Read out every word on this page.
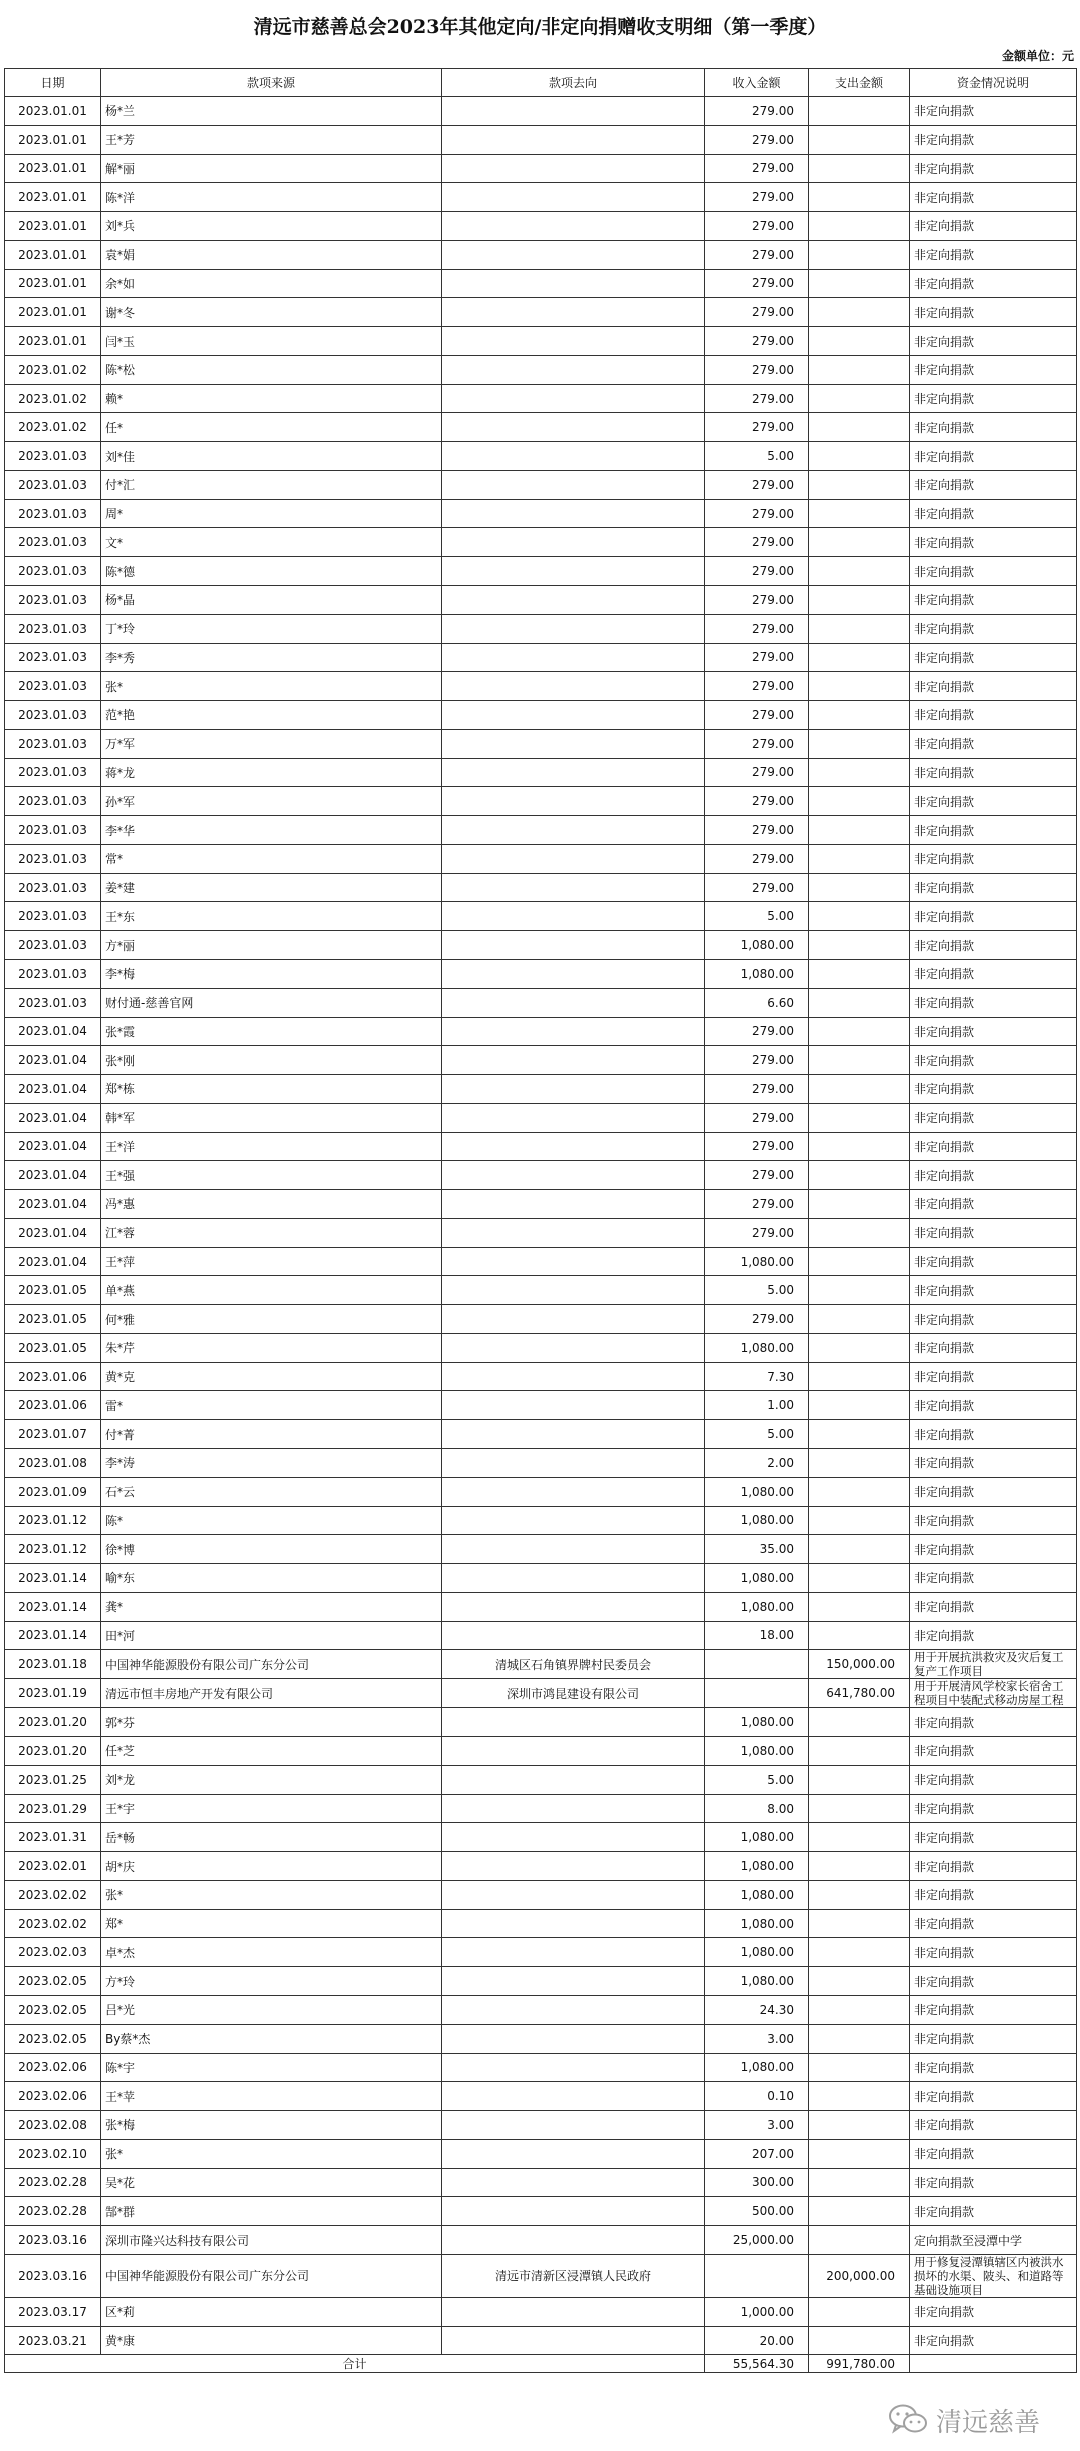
清远市慈善总会2023年其他定向/非定向捐赠收支明细（第一季度）
金额单位：元
日期	款项来源	款项去向	收入金额	支出金额	资金情况说明
2023.01.01	杨*兰		279.00		非定向捐款
2023.01.01	王*芳		279.00		非定向捐款
2023.01.01	解*丽		279.00		非定向捐款
2023.01.01	陈*洋		279.00		非定向捐款
2023.01.01	刘*兵		279.00		非定向捐款
2023.01.01	袁*娟		279.00		非定向捐款
2023.01.01	余*如		279.00		非定向捐款
2023.01.01	谢*冬		279.00		非定向捐款
2023.01.01	闫*玉		279.00		非定向捐款
2023.01.02	陈*松		279.00		非定向捐款
2023.01.02	赖*		279.00		非定向捐款
2023.01.02	任*		279.00		非定向捐款
2023.01.03	刘*佳		5.00		非定向捐款
2023.01.03	付*汇		279.00		非定向捐款
2023.01.03	周*		279.00		非定向捐款
2023.01.03	文*		279.00		非定向捐款
2023.01.03	陈*德		279.00		非定向捐款
2023.01.03	杨*晶		279.00		非定向捐款
2023.01.03	丁*玲		279.00		非定向捐款
2023.01.03	李*秀		279.00		非定向捐款
2023.01.03	张*		279.00		非定向捐款
2023.01.03	范*艳		279.00		非定向捐款
2023.01.03	万*军		279.00		非定向捐款
2023.01.03	蒋*龙		279.00		非定向捐款
2023.01.03	孙*军		279.00		非定向捐款
2023.01.03	李*华		279.00		非定向捐款
2023.01.03	常*		279.00		非定向捐款
2023.01.03	姜*建		279.00		非定向捐款
2023.01.03	王*东		5.00		非定向捐款
2023.01.03	方*丽		1,080.00		非定向捐款
2023.01.03	李*梅		1,080.00		非定向捐款
2023.01.03	财付通-慈善官网		6.60		非定向捐款
2023.01.04	张*霞		279.00		非定向捐款
2023.01.04	张*刚		279.00		非定向捐款
2023.01.04	郑*栋		279.00		非定向捐款
2023.01.04	韩*军		279.00		非定向捐款
2023.01.04	王*洋		279.00		非定向捐款
2023.01.04	王*强		279.00		非定向捐款
2023.01.04	冯*惠		279.00		非定向捐款
2023.01.04	江*蓉		279.00		非定向捐款
2023.01.04	王*萍		1,080.00		非定向捐款
2023.01.05	单*燕		5.00		非定向捐款
2023.01.05	何*雅		279.00		非定向捐款
2023.01.05	朱*芹		1,080.00		非定向捐款
2023.01.06	黄*克		7.30		非定向捐款
2023.01.06	雷*		1.00		非定向捐款
2023.01.07	付*菁		5.00		非定向捐款
2023.01.08	李*涛		2.00		非定向捐款
2023.01.09	石*云		1,080.00		非定向捐款
2023.01.12	陈*		1,080.00		非定向捐款
2023.01.12	徐*博		35.00		非定向捐款
2023.01.14	喻*东		1,080.00		非定向捐款
2023.01.14	龚*		1,080.00		非定向捐款
2023.01.14	田*河		18.00		非定向捐款
2023.01.18	中国神华能源股份有限公司广东分公司	清城区石角镇界牌村民委员会		150,000.00	用于开展抗洪救灾及灾后复工复产工作项目
2023.01.19	清远市恒丰房地产开发有限公司	深圳市鸿昆建设有限公司		641,780.00	用于开展清风学校家长宿舍工程项目中装配式移动房屋工程
2023.01.20	郭*芬		1,080.00		非定向捐款
2023.01.20	任*芝		1,080.00		非定向捐款
2023.01.25	刘*龙		5.00		非定向捐款
2023.01.29	王*宇		8.00		非定向捐款
2023.01.31	岳*畅		1,080.00		非定向捐款
2023.02.01	胡*庆		1,080.00		非定向捐款
2023.02.02	张*		1,080.00		非定向捐款
2023.02.02	郑*		1,080.00		非定向捐款
2023.02.03	卓*杰		1,080.00		非定向捐款
2023.02.05	方*玲		1,080.00		非定向捐款
2023.02.05	吕*光		24.30		非定向捐款
2023.02.05	By蔡*杰		3.00		非定向捐款
2023.02.06	陈*宇		1,080.00		非定向捐款
2023.02.06	王*苹		0.10		非定向捐款
2023.02.08	张*梅		3.00		非定向捐款
2023.02.10	张*		207.00		非定向捐款
2023.02.28	吴*花		300.00		非定向捐款
2023.02.28	郜*群		500.00		非定向捐款
2023.03.16	深圳市隆兴达科技有限公司		25,000.00		定向捐款至浸潭中学
2023.03.16	中国神华能源股份有限公司广东分公司	清远市清新区浸潭镇人民政府		200,000.00	用于修复浸潭镇辖区内被洪水损坏的水渠、陂头、和道路等基础设施项目
2023.03.17	区*莉		1,000.00		非定向捐款
2023.03.21	黄*康		20.00		非定向捐款
合计			55,564.30	991,780.00	
清远慈善
